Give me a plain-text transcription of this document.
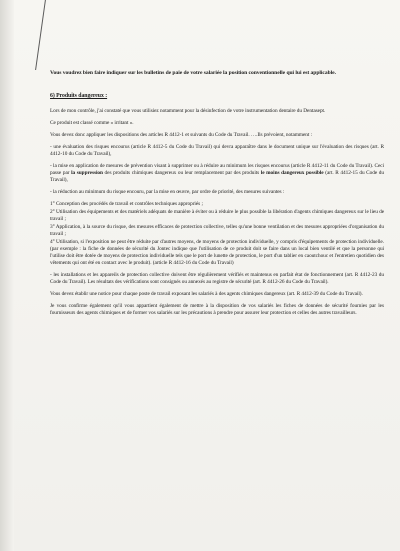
Vous voudrez bien faire indiquer sur les bulletins de paie de votre salariée la position conventionnelle qui lui est applicable.

6) Produits dangereux :

Lors de mon contrôle, j'ai constaté que vous utilisiez notamment pour la désinfection de votre instrumentation dentaire du Dentasept.

Ce produit est classé comme « irritant ».

Vous devez donc appliquer les dispositions des articles R 4412-1 et suivants du Code du Travail. ….Ils prévoient, notamment :

- une évaluation des risques encourus (article R 4412-5 du Code du Travail) qui devra apparaître dans le document unique sur l'évaluation des risques (art. R 4412-10 du Code du Travail),

- la mise en application de mesures de prévention visant à supprimer ou à réduire au minimum les risques encourus (article R 4412-11 du Code du Travail). Ceci passe par la suppression des produits chimiques dangereux ou leur remplacement par des produits le moins dangereux possible (art. R 4412-15 du Code du Travail),

- la réduction au minimum du risque encouru, par la mise en œuvre, par ordre de priorité, des mesures suivantes :

1° Conception des procédés de travail et contrôles techniques appropriés ;

2° Utilisation des équipements et des matériels adéquats de manière à éviter ou à réduire le plus possible la libération d'agents chimiques dangereux sur le lieu de travail ;

3° Application, à la source du risque, des mesures efficaces de protection collective, telles qu'une bonne ventilation et des mesures appropriées d'organisation du travail ;

4° Utilisation, si l'exposition ne peut être réduite par d'autres moyens, de moyens de protection individuelle, y compris d'équipements de protection individuelle. (par exemple : la fiche de données de sécurité du Jontec indique que l'utilisation de ce produit doit se faire dans un local bien ventilé et que la personne qui l'utilise doit être dotée de moyens de protection individuelle tels que le port de lunette de protection, le port d'un tablier en caoutchouc et l'entretien quotidien des vêtements qui ont été en contact avec le produit). (article R 4412-16 du Code du Travail)

- les installations et les appareils de protection collective doivent être régulièrement vérifiés et maintenus en parfait état de fonctionnement (art. R 4412-23 du Code du Travail). Les résultats des vérifications sont consignés ou annexés au registre de sécurité (art. R 4412-26 du Code du Travail).

Vous devez établir une notice pour chaque poste de travail exposant les salariés à des agents chimiques dangereux (art. R 4412-39 du Code du Travail).

Je vous confirme également qu'il vous appartient également de mettre à la disposition de vos salariés les fiches de données de sécurité fournies par les fournisseurs des agents chimiques et de former vos salariés sur les précautions à prendre pour assurer leur protection et celles des autres travailleurs.
